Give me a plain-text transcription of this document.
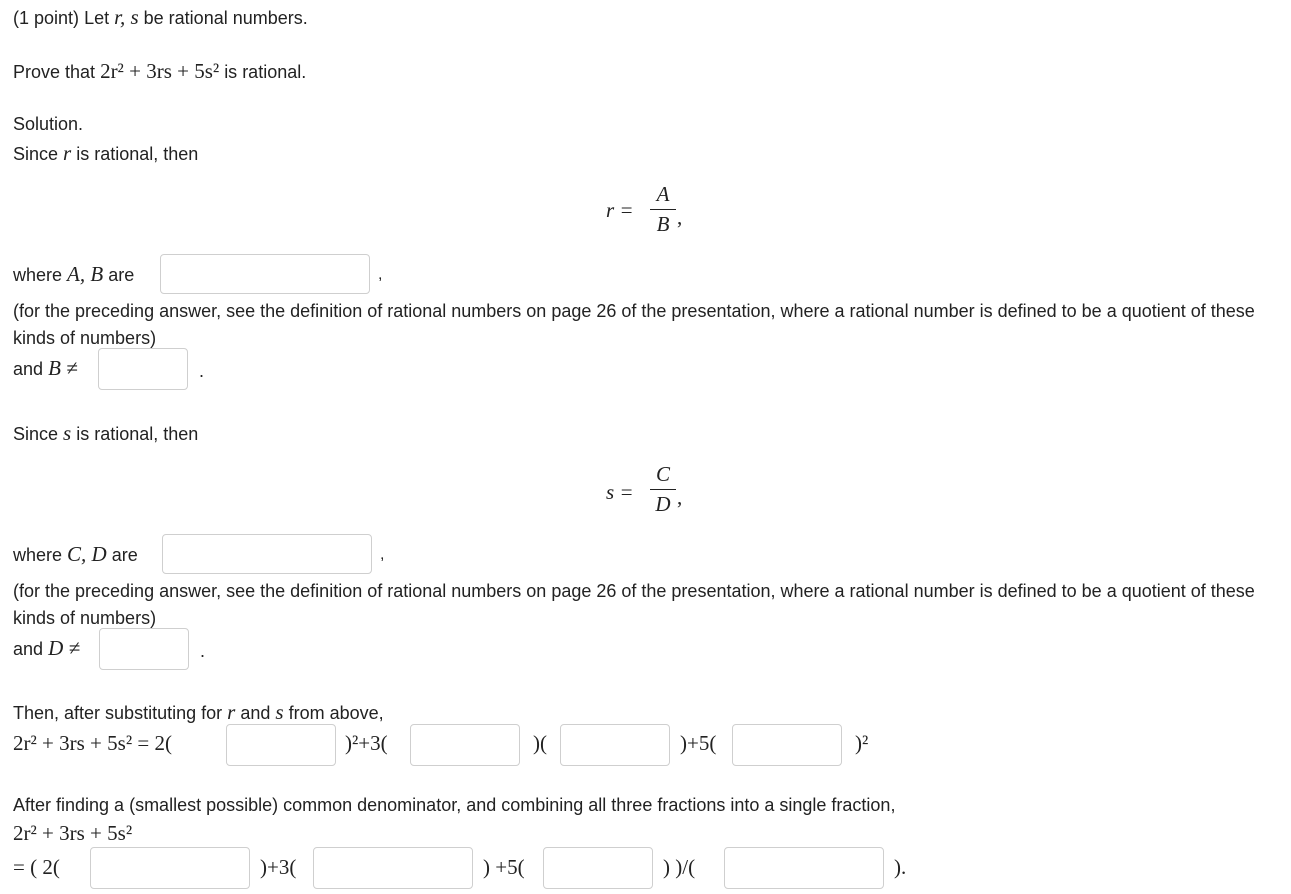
(1 point) Let r, s be rational numbers.
Prove that 2r² + 3rs + 5s² is rational.
Solution.
Since r is rational, then
r =
A
B ,
where A, B are	,
(for the preceding answer, see the definition of rational numbers on page 26 of the presentation, where a rational number is defined to be a quotient of these kinds of numbers)
and B ≠	.
Since s is rational, then
s =
C
D ,
where C, D are	,
(for the preceding answer, see the definition of rational numbers on page 26 of the presentation, where a rational number is defined to be a quotient of these kinds of numbers)
and D ≠	.
Then, after substituting for r and s from above,
2r² + 3rs + 5s² = 2(	)²+3(	)(	)+5(	)²
After finding a (smallest possible) common denominator, and combining all three fractions into a single fraction,
2r² + 3rs + 5s²
= ( 2(	)+3(	) +5(	) )/(	).
